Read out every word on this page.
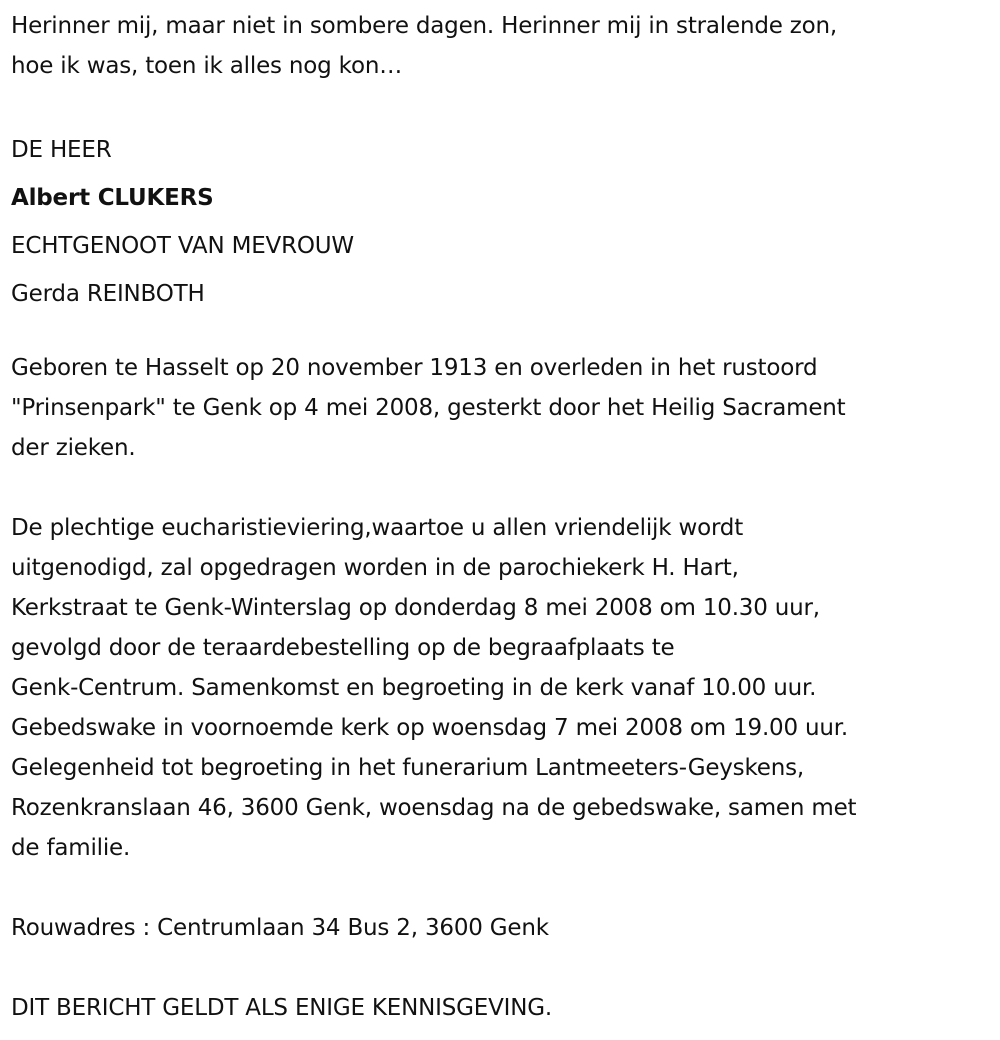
Herinner mij, maar niet in sombere dagen. Herinner mij in stralende zon,
hoe ik was, toen ik alles nog kon…
DE HEER
Albert CLUKERS
ECHTGENOOT VAN MEVROUW
Gerda REINBOTH
Geboren te Hasselt op 20 november 1913 en overleden in het rustoord
"Prinsenpark" te Genk op 4 mei 2008, gesterkt door het Heilig Sacrament
der zieken.
De plechtige eucharistieviering,waartoe u allen vriendelijk wordt
uitgenodigd, zal opgedragen worden in de parochiekerk H. Hart,
Kerkstraat te Genk-Winterslag op donderdag 8 mei 2008 om 10.30 uur,
gevolgd door de teraardebestelling op de begraafplaats te
Genk-Centrum. Samenkomst en begroeting in de kerk vanaf 10.00 uur.
Gebedswake in voornoemde kerk op woensdag 7 mei 2008 om 19.00 uur.
Gelegenheid tot begroeting in het funerarium Lantmeeters-Geyskens,
Rozenkranslaan 46, 3600 Genk, woensdag na de gebedswake, samen met
de familie.
Rouwadres : Centrumlaan 34 Bus 2, 3600 Genk
DIT BERICHT GELDT ALS ENIGE KENNISGEVING.
